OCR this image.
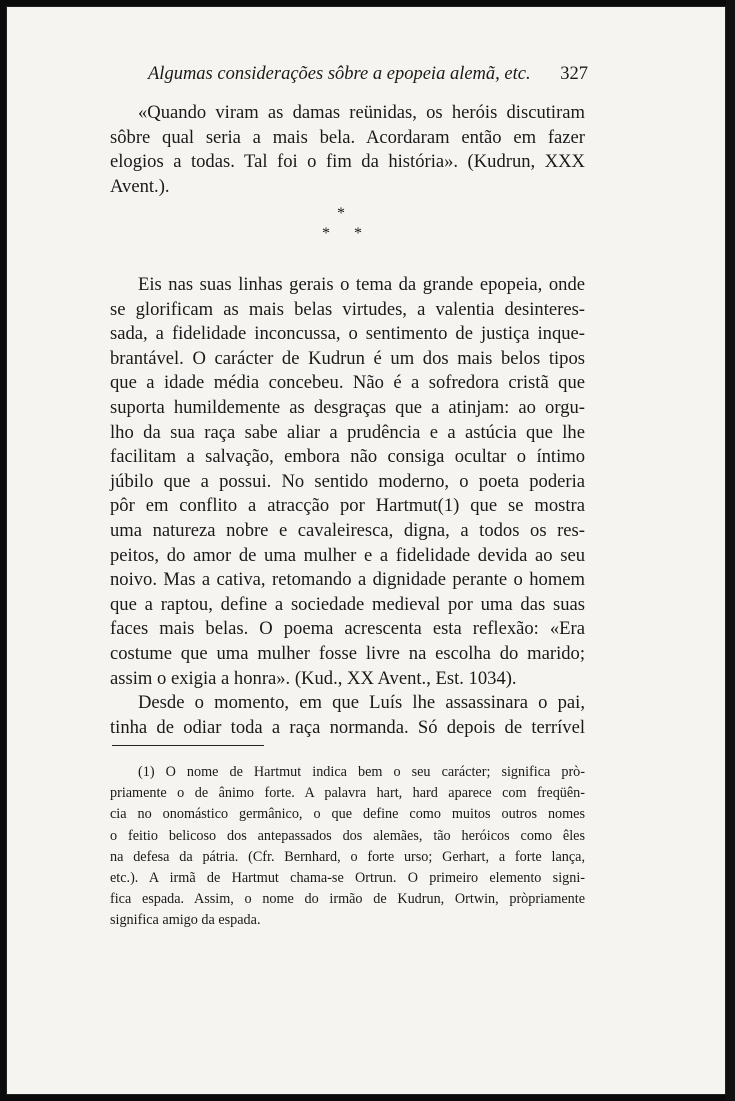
Algumas considerações sôbre a epopeia alemã, etc. 327
«Quando viram as damas reünidas, os heróis discutiram
sôbre qual seria a mais bela. Acordaram então em fazer
elogios a todas. Tal foi o fim da história». (Kudrun, XXX
Avent.).
*
* *
Eis nas suas linhas gerais o tema da grande epopeia, onde
se glorificam as mais belas virtudes, a valentia desinteres-
sada, a fidelidade inconcussa, o sentimento de justiça inque-
brantável. O carácter de Kudrun é um dos mais belos tipos
que a idade média concebeu. Não é a sofredora cristã que
suporta humildemente as desgraças que a atinjam: ao orgu-
lho da sua raça sabe aliar a prudência e a astúcia que lhe
facilitam a salvação, embora não consiga ocultar o íntimo
júbilo que a possui. No sentido moderno, o poeta poderia
pôr em conflito a atracção por Hartmut(1) que se mostra
uma natureza nobre e cavaleiresca, digna, a todos os res-
peitos, do amor de uma mulher e a fidelidade devida ao seu
noivo. Mas a cativa, retomando a dignidade perante o homem
que a raptou, define a sociedade medieval por uma das suas
faces mais belas. O poema acrescenta esta reflexão: «Era
costume que uma mulher fosse livre na escolha do marido;
assim o exigia a honra». (Kud., XX Avent., Est. 1034).
Desde o momento, em que Luís lhe assassinara o pai,
tinha de odiar toda a raça normanda. Só depois de terrível
(1) O nome de Hartmut indica bem o seu carácter; significa prò-
priamente o de ânimo forte. A palavra hart, hard aparece com freqüên-
cia no onomástico germânico, o que define como muitos outros nomes
o feitio belicoso dos antepassados dos alemães, tão heróicos como êles
na defesa da pátria. (Cfr. Bernhard, o forte urso; Gerhart, a forte lança,
etc.). A irmã de Hartmut chama-se Ortrun. O primeiro elemento signi-
fica espada. Assim, o nome do irmão de Kudrun, Ortwin, pròpriamente
significa amigo da espada.
